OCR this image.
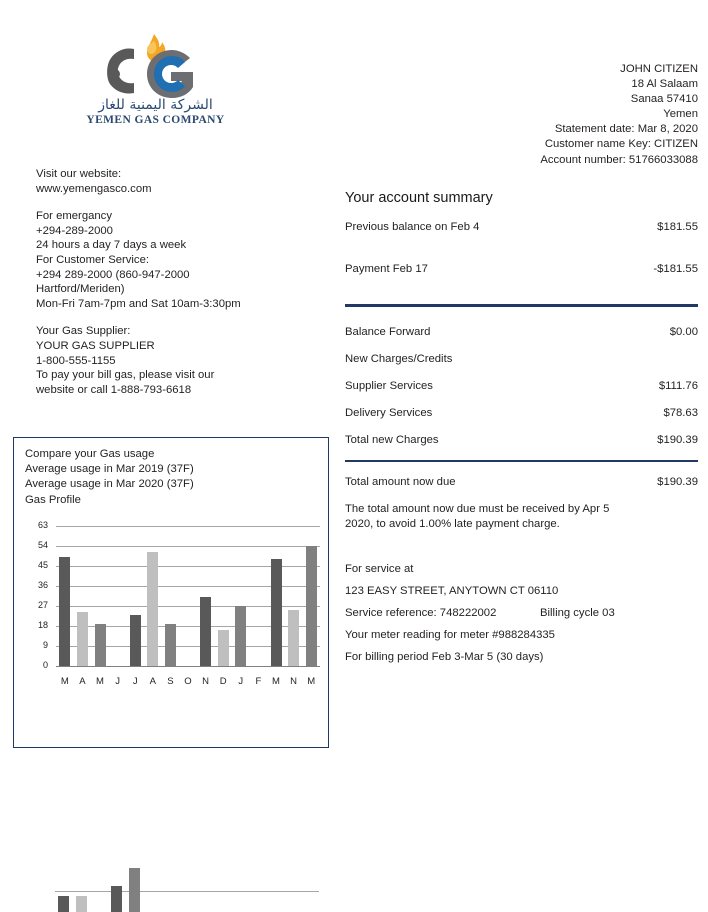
الشركة اليمنية للغاز
YEMEN GAS COMPANY
JOHN CITIZEN
18 Al Salaam
Sanaa 57410
Yemen
Statement date: Mar 8, 2020
Customer name Key: CITIZEN
Account number: 51766033088
Visit our website:
www.yemengasco.com
For emergancy
+294-289-2000
24 hours a day 7 days a week
For Customer Service:
+294 289-2000 (860-947-2000
Hartford/Meriden)
Mon-Fri 7am-7pm and Sat 10am-3:30pm
Your Gas Supplier:
YOUR GAS SUPPLIER
1-800-555-1155
To pay your bill gas, please visit our
website or call 1-888-793-6618
Your account summary
Previous balance on Feb 4	$181.55
Payment Feb 17	-$181.55
Balance Forward	$0.00
New Charges/Credits
Supplier Services	$111.76
Delivery Services	$78.63
Total new Charges	$190.39
Total amount now due	$190.39
The total amount now due must be received by Apr 5
2020, to avoid 1.00% late payment charge.
For service at
123 EASY STREET, ANYTOWN CT 06110
Service reference: 748222002	Billing cycle 03
Your meter reading for meter #988284335
For billing period Feb 3-Mar 5 (30 days)
Compare your Gas usage
Average usage in Mar 2019 (37F)
Average usage in Mar 2020 (37F)
Gas Profile
0
9
18
27
36
45
54
63
M	A	M	J	J	A	S	O	N	D	J	F	M	N	M
